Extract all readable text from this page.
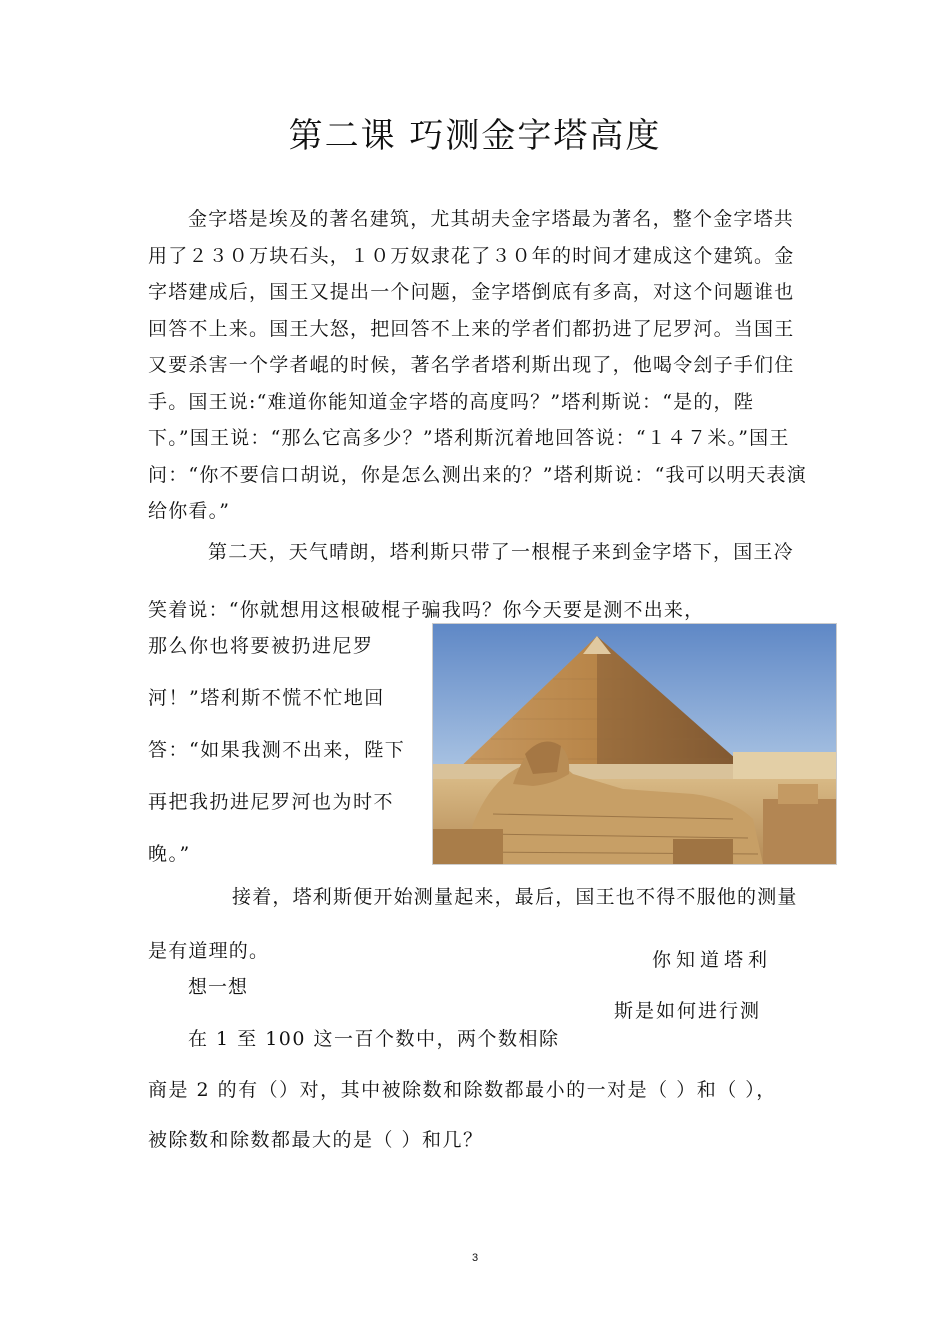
第二课 巧测金字塔高度

金字塔是埃及的著名建筑，尤其胡夫金字塔最为著名，整个金字塔共用了２３０万块石头，１０万奴隶花了３０年的时间才建成这个建筑。金字塔建成后，国王又提出一个问题，金字塔倒底有多高，对这个问题谁也回答不上来。国王大怒，把回答不上来的学者们都扔进了尼罗河。当国王又要杀害一个学者崐的时候，著名学者塔利斯出现了，他喝令刽子手们住手。国王说:“难道你能知道金字塔的高度吗？”塔利斯说：“是的，陛下。”国王说：“那么它高多少？”塔利斯沉着地回答说：“１４７米。”国王问：“你不要信口胡说，你是怎么测出来的？”塔利斯说：“我可以明天表演给你看。”

第二天，天气晴朗，塔利斯只带了一根棍子来到金字塔下，国王冷笑着说：“你就想用这根破棍子骗我吗？你今天要是测不出来，

那么你也将要被扔进尼罗河！”塔利斯不慌不忙地回答：“如果我测不出来，陛下再把我扔进尼罗河也为时不晚。”

接着，塔利斯便开始测量起来，最后，国王也不得不服他的测量是有道理的。	你知道塔利
想一想
斯是如何进行测
在 1 至 100 这一百个数中，两个数相除
商是 2 的有（）对，其中被除数和除数都最小的一对是（ ）和（ ），
被除数和除数都最大的是（ ）和几？
3
